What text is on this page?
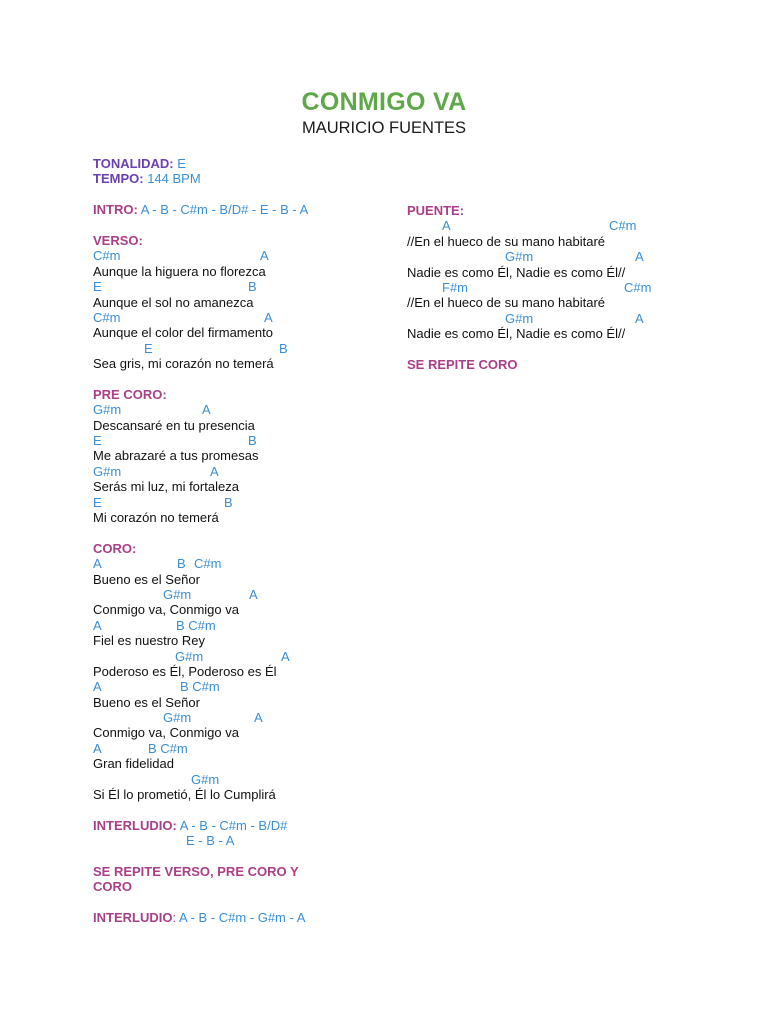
CONMIGO VA
MAURICIO FUENTES
TONALIDAD: E
TEMPO: 144 BPM
INTRO: A - B - C#m - B/D# - E - B - A
VERSO:
C#m	A
Aunque la higuera no florezca
E	B
Aunque el sol no amanezca
C#m	A
Aunque el color del firmamento
E	B
Sea gris, mi corazón no temerá
PRE CORO:
G#m	A
Descansaré en tu presencia
E	B
Me abrazaré a tus promesas
G#m	A
Serás mi luz, mi fortaleza
E	B
Mi corazón no temerá
CORO:
A	B C#m
Bueno es el Señor
G#m	A
Conmigo va, Conmigo va
A	B C#m
Fiel es nuestro Rey
G#m	A
Poderoso es Él, Poderoso es Él
A	B C#m
Bueno es el Señor
G#m	A
Conmigo va, Conmigo va
A	B C#m
Gran fidelidad
G#m
Si Él lo prometió, Él lo Cumplirá
INTERLUDIO: A - B - C#m - B/D#
E - B - A
SE REPITE VERSO, PRE CORO Y
CORO
INTERLUDIO: A - B - C#m - G#m - A
PUENTE:
A	C#m
//En el hueco de su mano habitaré
G#m	A
Nadie es como Él, Nadie es como Él//
F#m	C#m
//En el hueco de su mano habitaré
G#m	A
Nadie es como Él, Nadie es como Él//
SE REPITE CORO
